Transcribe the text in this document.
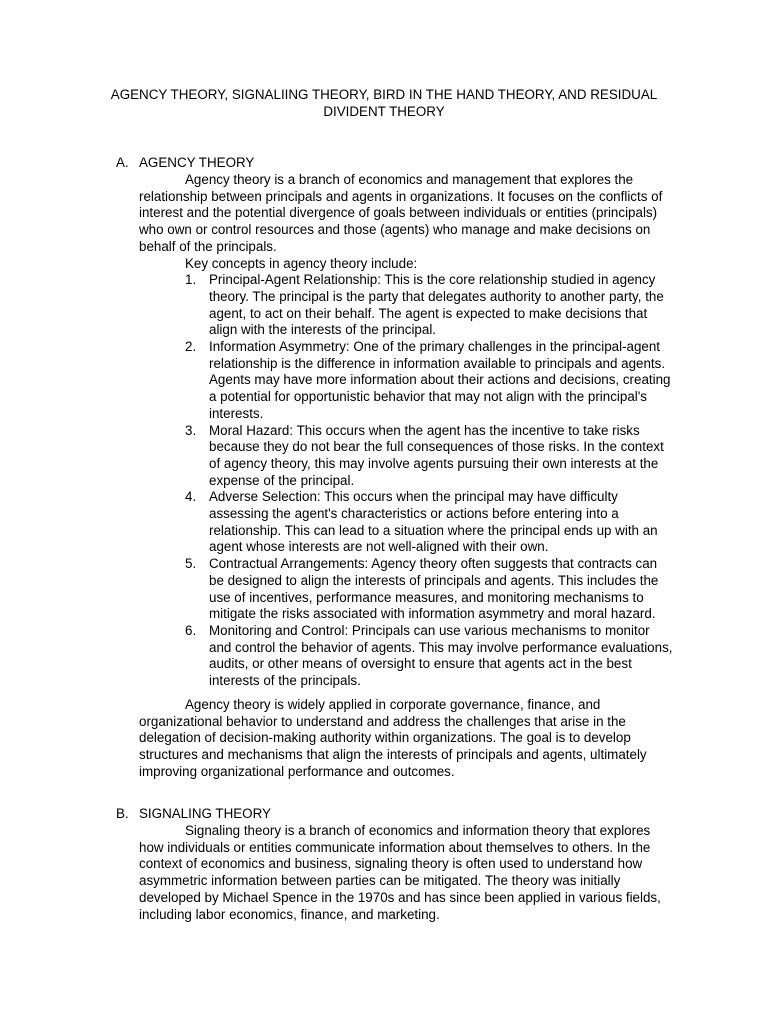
AGENCY THEORY, SIGNALIING THEORY, BIRD IN THE HAND THEORY, AND RESIDUAL
DIVIDENT THEORY
A. AGENCY THEORY

Agency theory is a branch of economics and management that explores the relationship between principals and agents in organizations. It focuses on the conflicts of interest and the potential divergence of goals between individuals or entities (principals) who own or control resources and those (agents) who manage and make decisions on behalf of the principals.

Key concepts in agency theory include:
1. Principal-Agent Relationship: This is the core relationship studied in agency theory. The principal is the party that delegates authority to another party, the agent, to act on their behalf. The agent is expected to make decisions that align with the interests of the principal.
2. Information Asymmetry: One of the primary challenges in the principal-agent relationship is the difference in information available to principals and agents. Agents may have more information about their actions and decisions, creating a potential for opportunistic behavior that may not align with the principal's interests.
3. Moral Hazard: This occurs when the agent has the incentive to take risks because they do not bear the full consequences of those risks. In the context of agency theory, this may involve agents pursuing their own interests at the expense of the principal.
4. Adverse Selection: This occurs when the principal may have difficulty assessing the agent's characteristics or actions before entering into a relationship. This can lead to a situation where the principal ends up with an agent whose interests are not well-aligned with their own.
5. Contractual Arrangements: Agency theory often suggests that contracts can be designed to align the interests of principals and agents. This includes the use of incentives, performance measures, and monitoring mechanisms to mitigate the risks associated with information asymmetry and moral hazard.
6. Monitoring and Control: Principals can use various mechanisms to monitor and control the behavior of agents. This may involve performance evaluations, audits, or other means of oversight to ensure that agents act in the best interests of the principals.

Agency theory is widely applied in corporate governance, finance, and organizational behavior to understand and address the challenges that arise in the delegation of decision-making authority within organizations. The goal is to develop structures and mechanisms that align the interests of principals and agents, ultimately improving organizational performance and outcomes.

B. SIGNALING THEORY

Signaling theory is a branch of economics and information theory that explores how individuals or entities communicate information about themselves to others. In the context of economics and business, signaling theory is often used to understand how asymmetric information between parties can be mitigated. The theory was initially developed by Michael Spence in the 1970s and has since been applied in various fields, including labor economics, finance, and marketing.
